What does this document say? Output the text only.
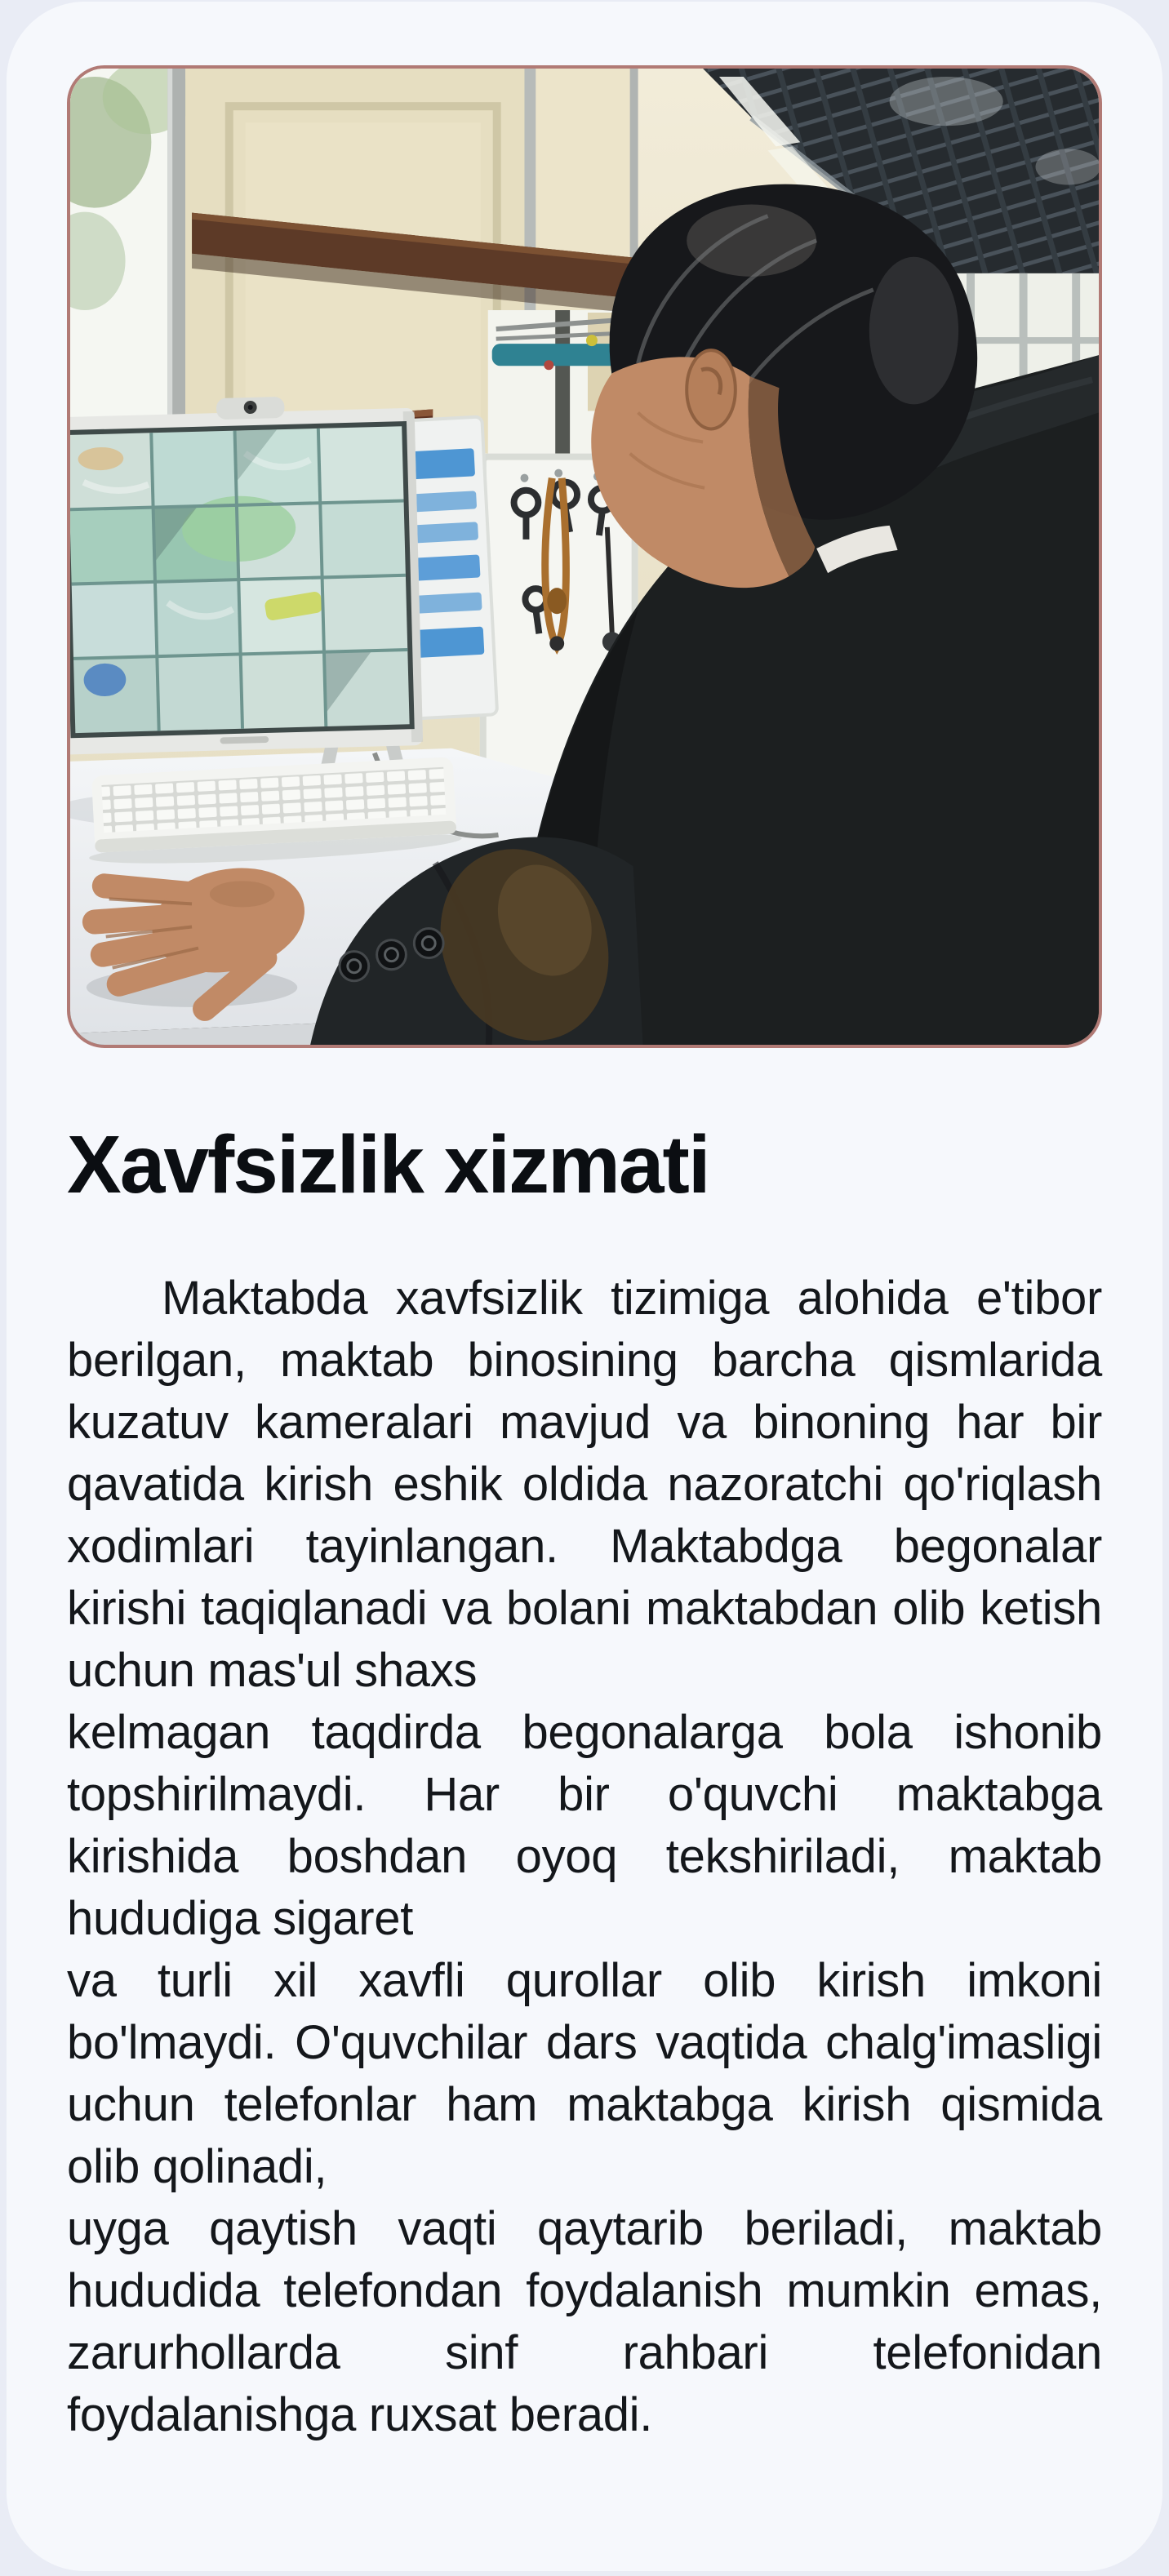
Xavfsizlik xizmati

Maktabda xavfsizlik tizimiga alohida e'tibor berilgan, maktab binosining barcha qismlarida kuzatuv kameralari mavjud va binoning har bir qavatida kirish eshik oldida nazoratchi qo'riqlash xodimlari tayinlangan. Maktabdga begonalar kirishi taqiqlanadi va bolani maktabdan olib ketish uchun mas'ul shaxs

kelmagan taqdirda begonalarga bola ishonib topshirilmaydi. Har bir o'quvchi maktabga kirishida boshdan oyoq tekshiriladi, maktab hududiga sigaret

va turli xil xavfli qurollar olib kirish imkoni bo'lmaydi. O'quvchilar dars vaqtida chalg'imasligi uchun telefonlar ham maktabga kirish qismida olib qolinadi,

uyga qaytish vaqti qaytarib beriladi, maktab hududida telefondan foydalanish mumkin emas, zarurhollarda sinf rahbari telefonidan foydalanishga ruxsat beradi.
